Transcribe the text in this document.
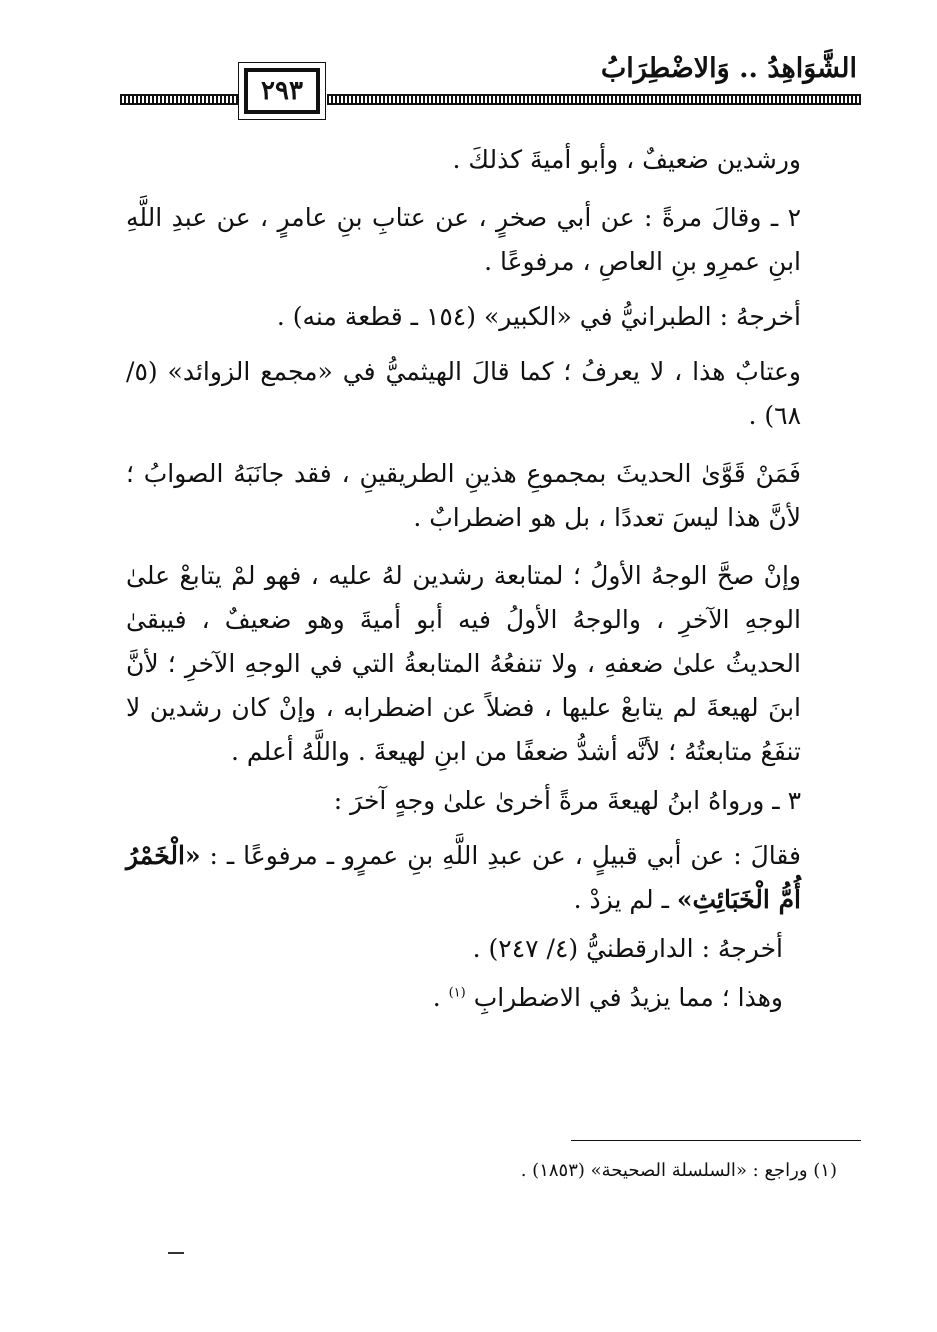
الشَّوَاهِدُ .. وَالاضْطِرَابُ
٢٩٣

ورشدين ضعيفٌ ، وأبو أميةَ كذلكَ .

٢ ـ وقالَ مرةً : عن أبي صخرٍ ، عن عتابِ بنِ عامرٍ ، عن عبدِ اللَّهِ ابنِ عمرِو بنِ العاصِ ، مرفوعًا .

أخرجهُ : الطبرانيُّ في «الكبير» (١٥٤ ـ قطعة منه) .

وعتابٌ هذا ، لا يعرفُ ؛ كما قالَ الهيثميُّ في «مجمع الزوائد» (٥/ ٦٨) .

فَمَنْ قَوَّىٰ الحديثَ بمجموعِ هذينِ الطريقينِ ، فقد جانَبَهُ الصوابُ ؛ لأنَّ هذا ليسَ تعددًا ، بل هو اضطرابٌ .

وإنْ صحَّ الوجهُ الأولُ ؛ لمتابعة رشدين لهُ عليه ، فهو لمْ يتابعْ علىٰ الوجهِ الآخرِ ، والوجهُ الأولُ فيه أبو أميةَ وهو ضعيفٌ ، فيبقىٰ الحديثُ علىٰ ضعفهِ ، ولا تنفعُهُ المتابعةُ التي في الوجهِ الآخرِ ؛ لأنَّ ابنَ لهيعةَ لم يتابعْ عليها ، فضلاً عن اضطرابه ، وإنْ كان رشدين لا تنفَعُ متابعتُهُ ؛ لأنَّه أشدُّ ضعفًا من ابنِ لهيعةَ . واللَّهُ أعلم .

٣ ـ ورواهُ ابنُ لهيعةَ مرةً أخرىٰ علىٰ وجهٍ آخرَ :

فقالَ : عن أبي قبيلٍ ، عن عبدِ اللَّهِ بنِ عمرٍو ـ مرفوعًا ـ : «الْخَمْرُ أُمُّ الْخَبَائِثِ» ـ لم يزدْ .

أخرجهُ : الدارقطنيُّ (٤/ ٢٤٧) .

وهذا ؛ مما يزيدُ في الاضطرابِ $^{(١)}$ .

(١) وراجع : «السلسلة الصحيحة» (١٨٥٣) .
